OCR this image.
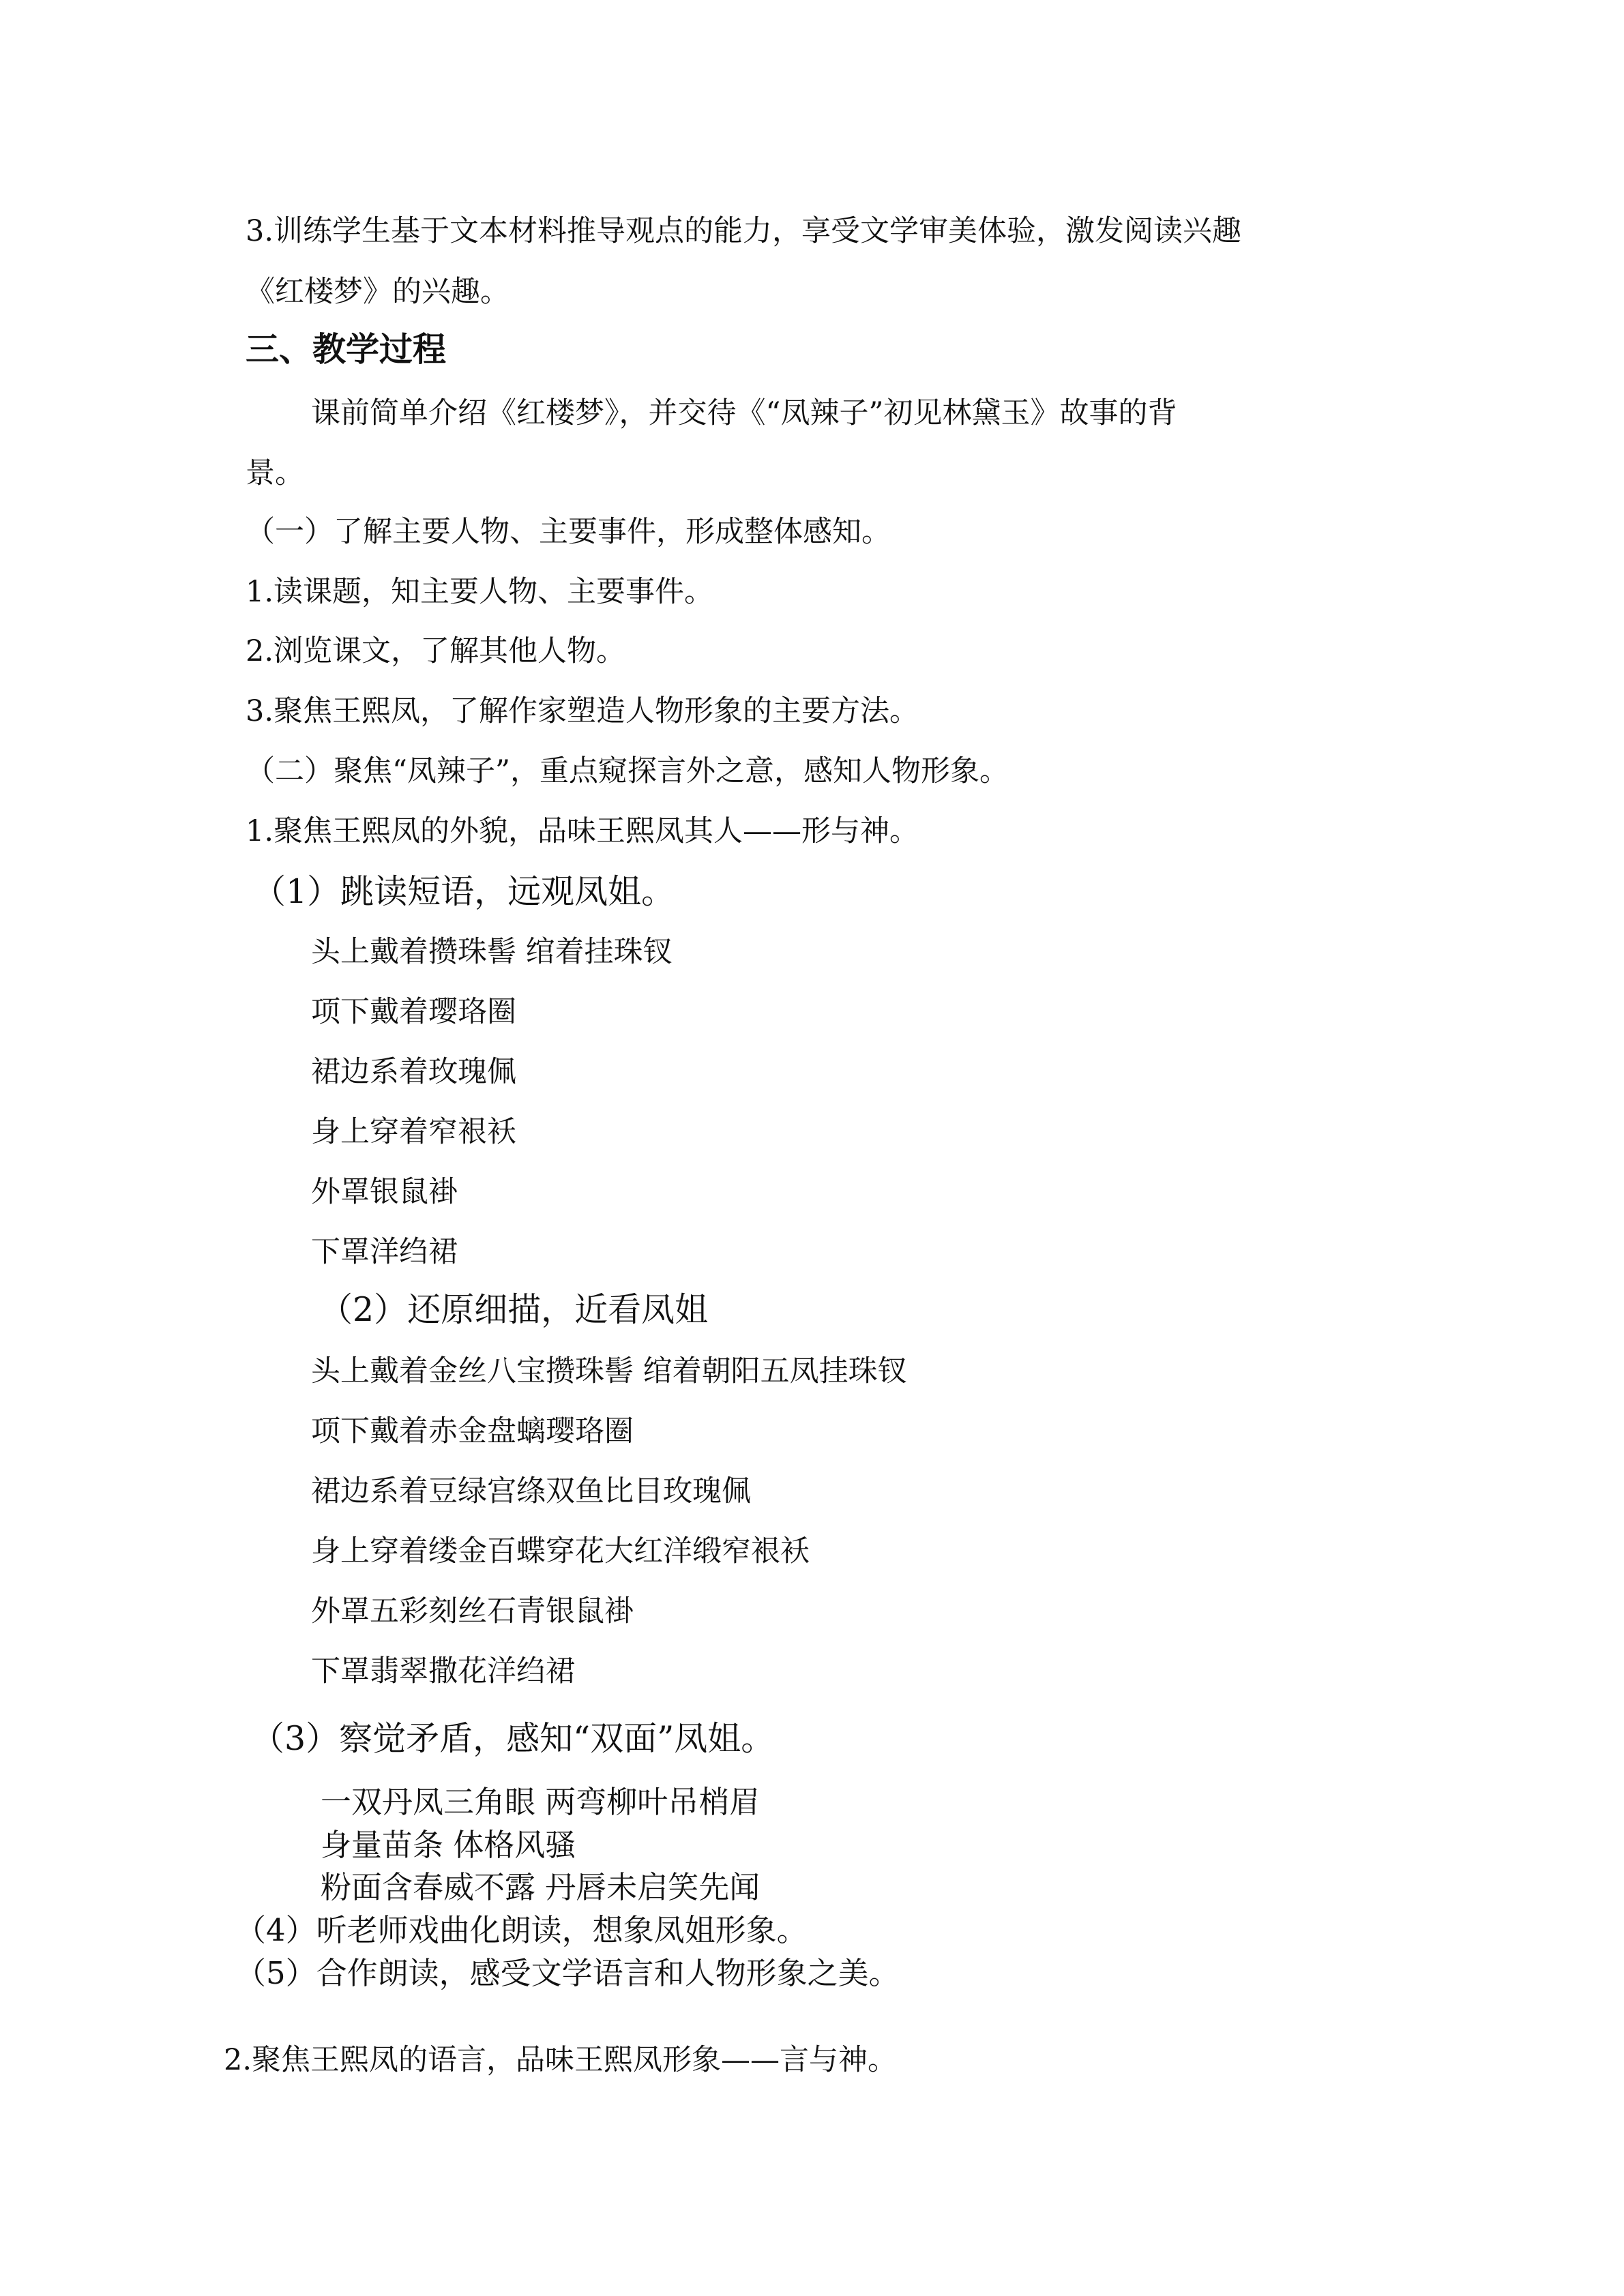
3.训练学生基于文本材料推导观点的能力，享受文学审美体验，激发阅读兴趣
《红楼梦》的兴趣。
三、教学过程
课前简单介绍《红楼梦》，并交待《“凤辣子”初见林黛玉》故事的背
景。
（一）了解主要人物、主要事件，形成整体感知。
1.读课题，知主要人物、主要事件。
2.浏览课文，了解其他人物。
3.聚焦王熙凤，了解作家塑造人物形象的主要方法。
（二）聚焦“凤辣子”，重点窥探言外之意，感知人物形象。
1.聚焦王熙凤的外貌，品味王熙凤其人——形与神。
（1）跳读短语，远观凤姐。
头上戴着攒珠髻 绾着挂珠钗
项下戴着璎珞圈
裙边系着玫瑰佩
身上穿着窄裉袄
外罩银鼠褂
下罩洋绉裙
（2）还原细描，近看凤姐
头上戴着金丝八宝攒珠髻 绾着朝阳五凤挂珠钗
项下戴着赤金盘螭璎珞圈
裙边系着豆绿宫绦双鱼比目玫瑰佩
身上穿着缕金百蝶穿花大红洋缎窄裉袄
外罩五彩刻丝石青银鼠褂
下罩翡翠撒花洋绉裙
（3）察觉矛盾，感知“双面”凤姐。
一双丹凤三角眼 两弯柳叶吊梢眉
身量苗条 体格风骚
粉面含春威不露 丹唇未启笑先闻
（4）听老师戏曲化朗读，想象凤姐形象。
（5）合作朗读，感受文学语言和人物形象之美。
2.聚焦王熙凤的语言，品味王熙凤形象——言与神。
